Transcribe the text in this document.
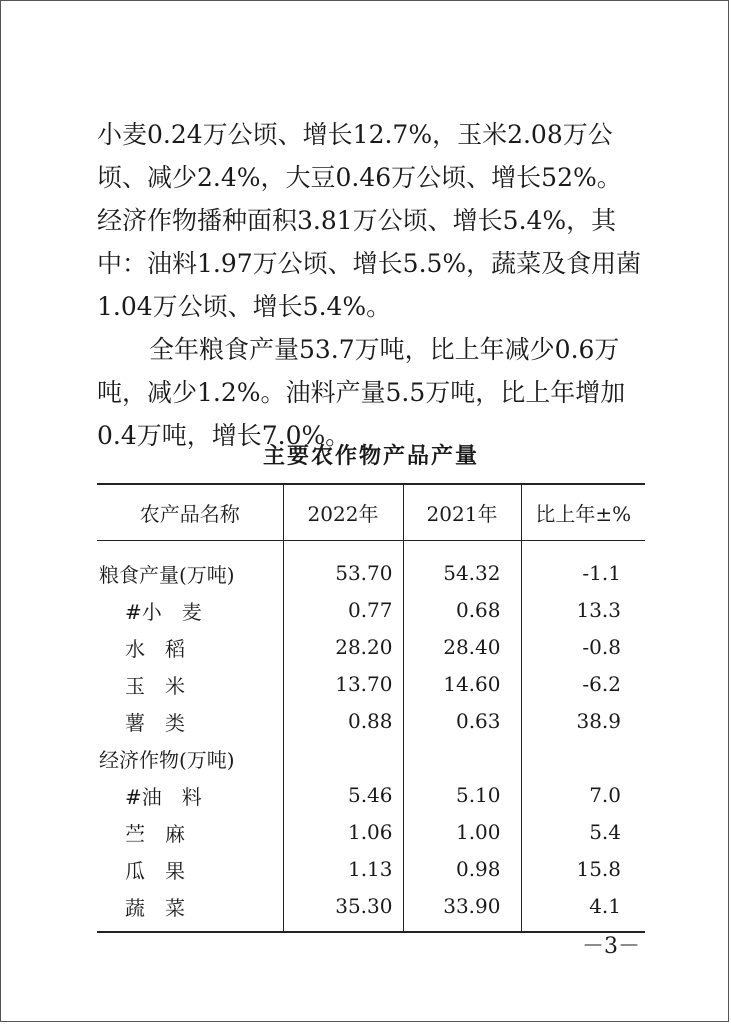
小麦0.24万公顷、增长12.7%，玉米2.08万公顷、减少2.4%，大豆0.46万公顷、增长52%。经济作物播种面积3.81万公顷、增长5.4%，其中：油料1.97万公顷、增长5.5%，蔬菜及食用菌1.04万公顷、增长5.4%。

全年粮食产量53.7万吨，比上年减少0.6万吨，减少1.2%。油料产量5.5万吨，比上年增加0.4万吨，增长7.0%。

主要农作物产品产量
农产品名称	2022年	2021年	比上年±%
粮食产量(万吨)	53.70	54.32	-1.1
#小　麦	0.77	0.68	13.3
水　稻	28.20	28.40	-0.8
玉　米	13.70	14.60	-6.2
薯　类	0.88	0.63	38.9
经济作物(万吨)			
#油　料	5.46	5.10	7.0
苎　麻	1.06	1.00	5.4
瓜　果	1.13	0.98	15.8
蔬　菜	35.30	33.90	4.1
－3－
